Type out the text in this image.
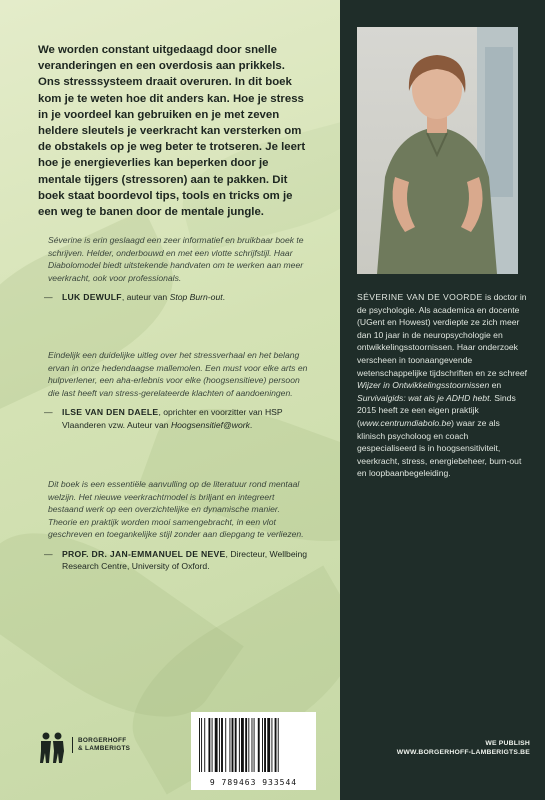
We worden constant uitgedaagd door snelle veranderingen en een overdosis aan prikkels. Ons stresssysteem draait overuren. In dit boek kom je te weten hoe dit anders kan. Hoe je stress in je voordeel kan gebruiken en je met zeven heldere sleutels je veerkracht kan versterken om de obstakels op je weg beter te trotseren. Je leert hoe je energieverlies kan beperken door je mentale tijgers (stressoren) aan te pakken. Dit boek staat boordevol tips, tools en tricks om je een weg te banen door de mentale jungle.

Séverine is erin geslaagd een zeer informatief en bruikbaar boek te schrijven. Helder, onderbouwd en met een vlotte schrijfstijl. Haar Diabolomodel biedt uitstekende handvaten om te werken aan meer veerkracht, ook voor professionals.

— LUK DEWULF, auteur van Stop Burn-out.

Eindelijk een duidelijke uitleg over het stressverhaal en het belang ervan in onze hedendaagse mallemolen. Een must voor elke arts en hulpverlener, een aha-erlebnis voor elke (hoogsensitieve) persoon die last heeft van stress-gerelateerde klachten of aandoeningen.

— ILSE VAN DEN DAELE, oprichter en voorzitter van HSP Vlaanderen vzw. Auteur van Hoogsensitief@work.

Dit boek is een essentiële aanvulling op de literatuur rond mentaal welzijn. Het nieuwe veerkrachtmodel is briljant en integreert bestaand werk op een overzichtelijke en dynamische manier. Theorie en praktijk worden mooi samengebracht, in een vlot geschreven en toegankelijke stijl zonder aan diepgang te verliezen.

— PROF. DR. JAN-EMMANUEL DE NEVE, Directeur, Wellbeing Research Centre, University of Oxford.

SÉVERINE VAN DE VOORDE is doctor in de psychologie. Als academica en docente (UGent en Howest) verdiepte ze zich meer dan 10 jaar in de neuropsychologie en ontwikkelingsstoornissen. Haar onderzoek verscheen in toonaangevende wetenschappelijke tijdschriften en ze schreef Wijzer in Ontwikkelingsstoornissen en Survivalgids: wat als je ADHD hebt. Sinds 2015 heeft ze een eigen praktijk (www.centrumdiabolo.be) waar ze als klinisch psycholoog en coach gespecialiseerd is in hoogsensitiviteit, veerkracht, stress, energiebeheer, burn-out en loopbaanbegeleiding.

BORGERHOFF
& LAMBERIGTS
9 789463 933544
WE PUBLISH
WWW.BORGERHOFF-LAMBERIGTS.BE
